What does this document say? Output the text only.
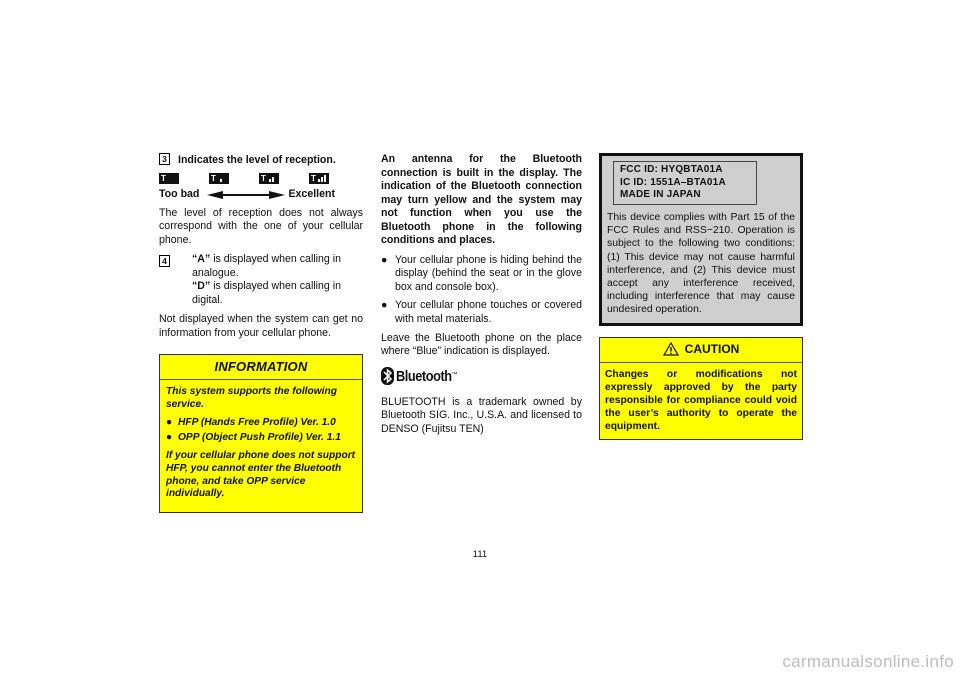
3 Indicates the level of reception.
T	T	T	T
Too bad	Excellent

The level of reception does not always correspond with the one of your cellular phone.

4 “A” is displayed when calling in analogue.
“D” is displayed when calling in digital.

Not displayed when the system can get no information from your cellular phone.

INFORMATION

This system supports the following service.

● HFP (Hands Free Profile) Ver. 1.0
● OPP (Object Push Profile) Ver. 1.1

If your cellular phone does not support HFP, you cannot enter the Bluetooth phone, and take OPP service individually.

An antenna for the Bluetooth connection is built in the display. The indication of the Bluetooth connection may turn yellow and the system may not function when you use the Bluetooth phone in the following conditions and places.

● Your cellular phone is hiding behind the display (behind the seat or in the glove box and console box).
● Your cellular phone touches or covered with metal materials.

Leave the Bluetooth phone on the place where “Blue” indication is displayed.

Bluetooth ™

BLUETOOTH is a trademark owned by Bluetooth SIG. Inc., U.S.A. and licensed to DENSO (Fujitsu TEN)

FCC ID: HYQBTA01A
IC ID: 1551A–BTA01A
MADE IN JAPAN
This device complies with Part 15 of the FCC Rules and RSS−210. Operation is subject to the following two conditions: (1) This device may not cause harmful interference, and (2) This device must accept any interference received, including interference that may cause undesired operation.
CAUTION
Changes or modifications not expressly approved by the party responsible for compliance could void the user’s authority to operate the equipment.
111
carmanualsonline.info
